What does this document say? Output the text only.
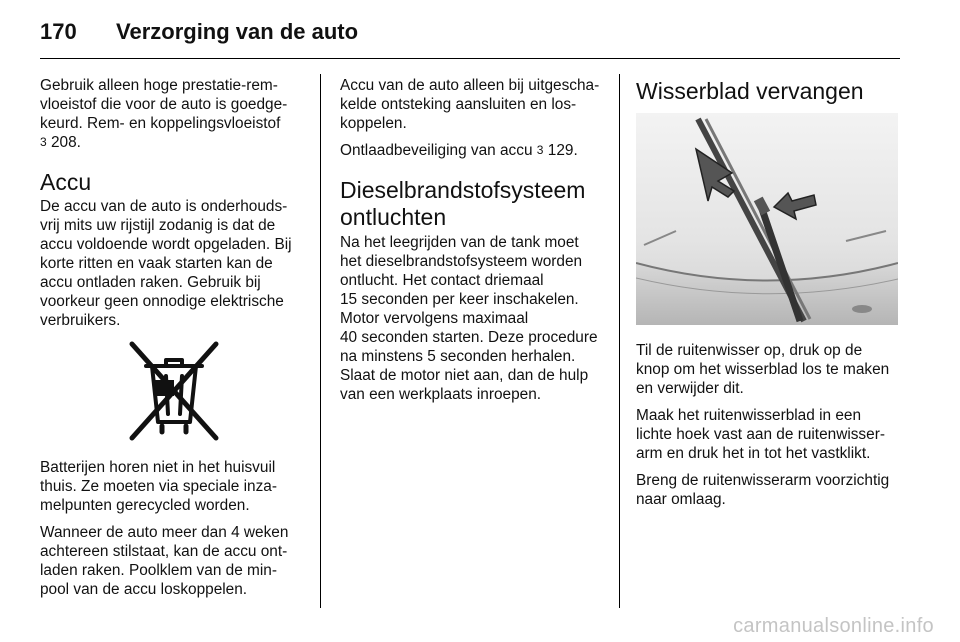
170	Verzorging van de auto

Gebruik alleen hoge prestatie-rem-
vloeistof die voor de auto is goedge-
keurd. Rem- en koppelingsvloeistof
3 208.

Accu

De accu van de auto is onderhouds-
vrij mits uw rijstijl zodanig is dat de
accu voldoende wordt opgeladen. Bij
korte ritten en vaak starten kan de
accu ontladen raken. Gebruik bij
voorkeur geen onnodige elektrische
verbruikers.

Batterijen horen niet in het huisvuil
thuis. Ze moeten via speciale inza-
melpunten gerecycled worden.

Wanneer de auto meer dan 4 weken
achtereen stilstaat, kan de accu ont-
laden raken. Poolklem van de min-
pool van de accu loskoppelen.

Accu van de auto alleen bij uitgescha-
kelde ontsteking aansluiten en los-
koppelen.

Ontlaadbeveiliging van accu 3 129.

Dieselbrandstofsysteem
ontluchten

Na het leegrijden van de tank moet
het dieselbrandstofsysteem worden
ontlucht. Het contact driemaal
15 seconden per keer inschakelen.
Motor vervolgens maximaal
40 seconden starten. Deze procedure
na minstens 5 seconden herhalen.
Slaat de motor niet aan, dan de hulp
van een werkplaats inroepen.

Wisserblad vervangen

Til de ruitenwisser op, druk op de
knop om het wisserblad los te maken
en verwijder dit.

Maak het ruitenwisserblad in een
lichte hoek vast aan de ruitenwisser-
arm en druk het in tot het vastklikt.

Breng de ruitenwisserarm voorzichtig
naar omlaag.

carmanualsonline.info
